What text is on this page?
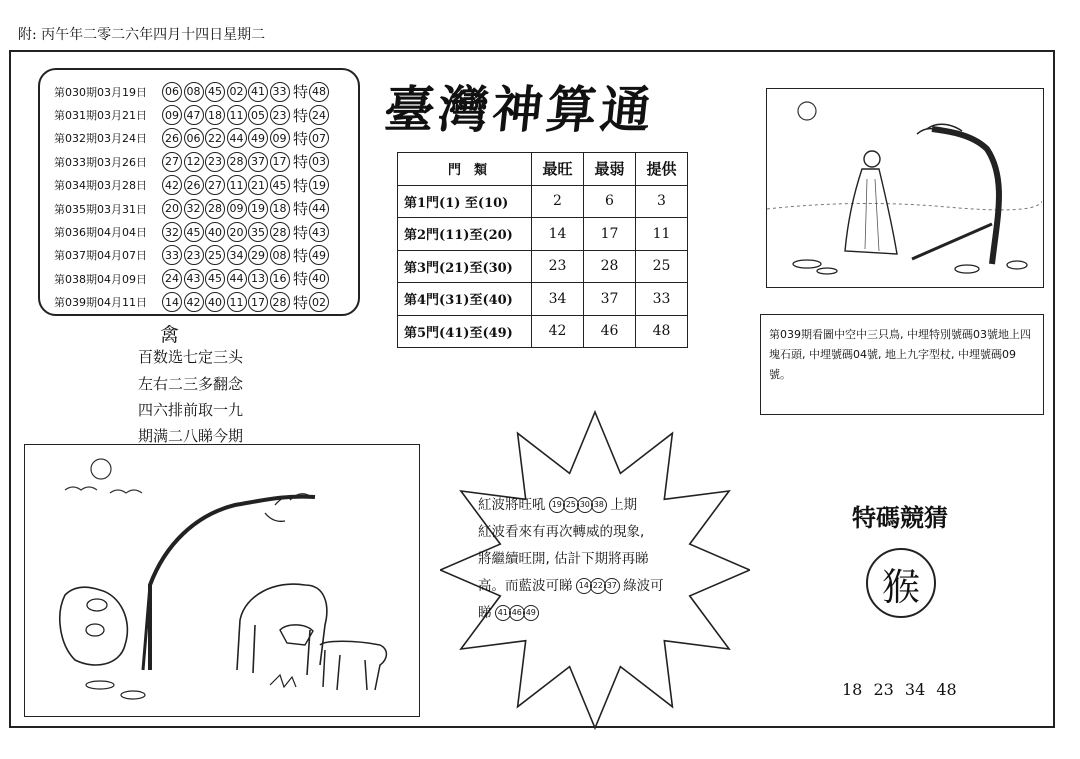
附: 丙午年二零二六年四月十四日星期二
第030期03月19日	06 08 45 02 41 33 特 48
第031期03月21日	09 47 18 11 05 23 特 24
第032期03月24日	26 06 22 44 49 09 特 07
第033期03月26日	27 12 23 28 37 17 特 03
第034期03月28日	42 26 27 11 21 45 特 19
第035期03月31日	20 32 28 09 19 18 特 44
第036期04月04日	32 45 40 20 35 28 特 43
第037期04月07日	33 23 25 34 29 08 特 49
第038期04月09日	24 43 45 44 13 16 特 40
第039期04月11日	14 42 40 11 17 28 特 02
禽
百数选七定三头
左右二三多翻念
四六排前取一九
期满二八睇今期
臺灣神算通
門　類	最旺	最弱	提供
第1門(1) 至(10)	2	6	3
第2門(11)至(20)	14	17	11
第3門(21)至(30)	23	28	25
第4門(31)至(40)	34	37	33
第5門(41)至(49)	42	46	48	第039期看圖中空中三只鳥, 中埋特別號碼03號地上四塊石頭, 中埋號碼04號, 地上九字型杖, 中埋號碼09號。
紅波將旺吼 19 25 30 38 上期
紅波看來有再次轉威的現象,
將繼續旺開, 估計下期將再睇
高。而藍波可睇 14 22 37 綠波可
睇 41 46 49
特碼競猜
猴
18 23 34 48
